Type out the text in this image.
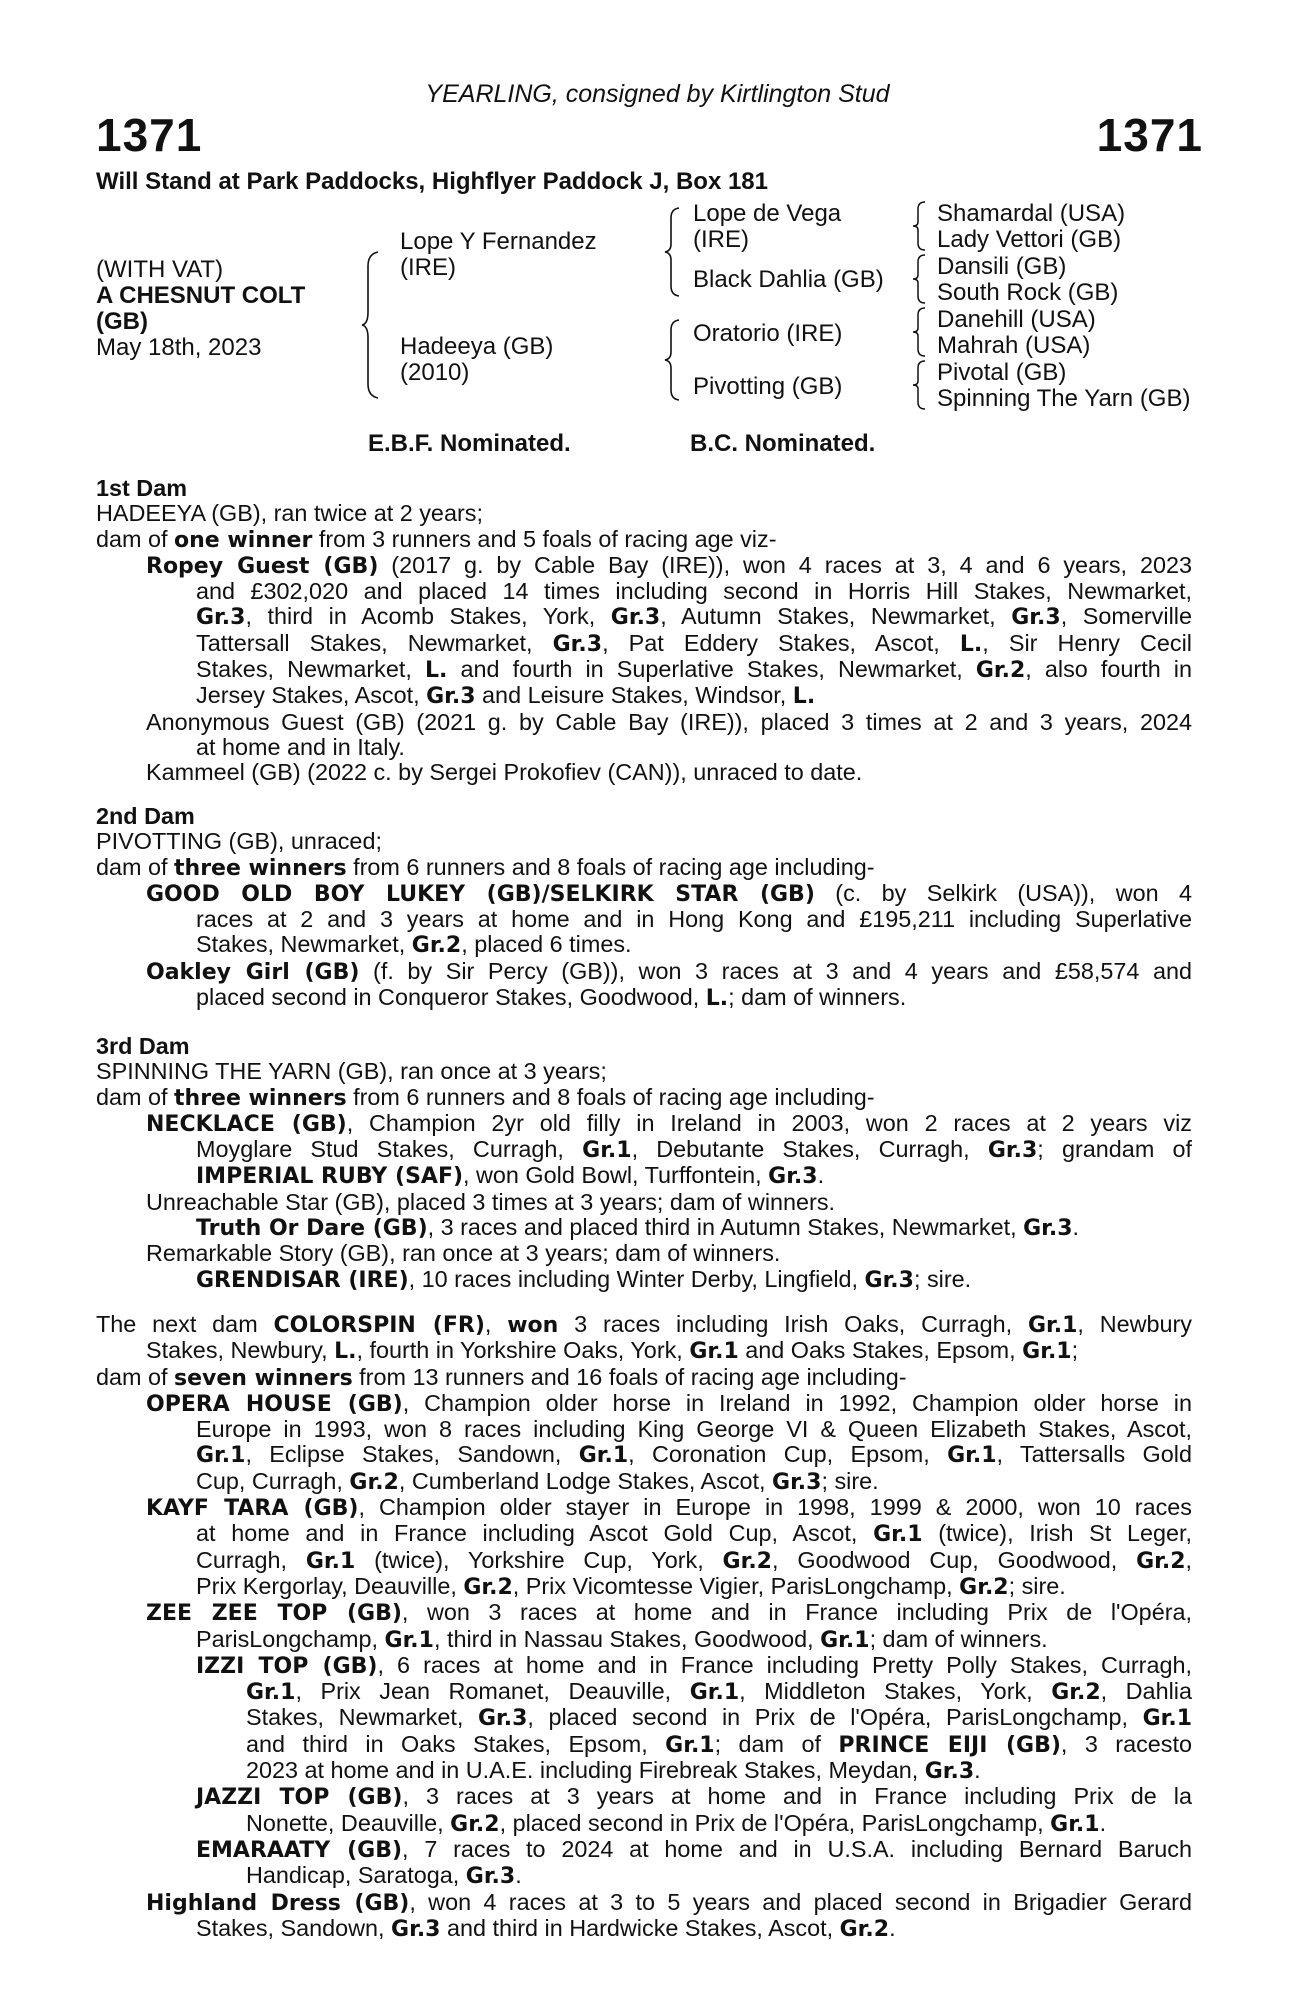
YEARLING, consigned by Kirtlington Stud
1371	1371
Will Stand at Park Paddocks, Highflyer Paddock J, Box 181
(WITH VAT)
A CHESNUT COLT
(GB)
May 18th, 2023
Lope Y Fernandez
(IRE)
Hadeeya (GB)
(2010)
Lope de Vega
(IRE)
Black Dahlia (GB)
Oratorio (IRE)
Pivotting (GB)
Shamardal (USA)
Lady Vettori (GB)
Dansili (GB)
South Rock (GB)
Danehill (USA)
Mahrah (USA)
Pivotal (GB)
Spinning The Yarn (GB)
E.B.F. Nominated.	B.C. Nominated.
1st Dam
HADEEYA (GB), ran twice at 2 years;
dam of one winner from 3 runners and 5 foals of racing age viz-
Ropey Guest (GB) (2017 g. by Cable Bay (IRE)), won 4 races at 3, 4 and 6 years, 2023
and £302,020 and placed 14 times including second in Horris Hill Stakes, Newmarket,
Gr.3, third in Acomb Stakes, York, Gr.3, Autumn Stakes, Newmarket, Gr.3, Somerville
Tattersall Stakes, Newmarket, Gr.3, Pat Eddery Stakes, Ascot, L., Sir Henry Cecil
Stakes, Newmarket, L. and fourth in Superlative Stakes, Newmarket, Gr.2, also fourth in
Jersey Stakes, Ascot, Gr.3 and Leisure Stakes, Windsor, L.
Anonymous Guest (GB) (2021 g. by Cable Bay (IRE)), placed 3 times at 2 and 3 years, 2024
at home and in Italy.
Kammeel (GB) (2022 c. by Sergei Prokofiev (CAN)), unraced to date.
2nd Dam
PIVOTTING (GB), unraced;
dam of three winners from 6 runners and 8 foals of racing age including-
GOOD OLD BOY LUKEY (GB)/SELKIRK STAR (GB) (c. by Selkirk (USA)), won 4
races at 2 and 3 years at home and in Hong Kong and £195,211 including Superlative
Stakes, Newmarket, Gr.2, placed 6 times.
Oakley Girl (GB) (f. by Sir Percy (GB)), won 3 races at 3 and 4 years and £58,574 and
placed second in Conqueror Stakes, Goodwood, L.; dam of winners.
3rd Dam
SPINNING THE YARN (GB), ran once at 3 years;
dam of three winners from 6 runners and 8 foals of racing age including-
NECKLACE (GB), Champion 2yr old filly in Ireland in 2003, won 2 races at 2 years viz
Moyglare Stud Stakes, Curragh, Gr.1, Debutante Stakes, Curragh, Gr.3; grandam of
IMPERIAL RUBY (SAF), won Gold Bowl, Turffontein, Gr.3.
Unreachable Star (GB), placed 3 times at 3 years; dam of winners.
Truth Or Dare (GB), 3 races and placed third in Autumn Stakes, Newmarket, Gr.3.
Remarkable Story (GB), ran once at 3 years; dam of winners.
GRENDISAR (IRE), 10 races including Winter Derby, Lingfield, Gr.3; sire.
The next dam COLORSPIN (FR), won 3 races including Irish Oaks, Curragh, Gr.1, Newbury
Stakes, Newbury, L., fourth in Yorkshire Oaks, York, Gr.1 and Oaks Stakes, Epsom, Gr.1;
dam of seven winners from 13 runners and 16 foals of racing age including-
OPERA HOUSE (GB), Champion older horse in Ireland in 1992, Champion older horse in
Europe in 1993, won 8 races including King George VI & Queen Elizabeth Stakes, Ascot,
Gr.1, Eclipse Stakes, Sandown, Gr.1, Coronation Cup, Epsom, Gr.1, Tattersalls Gold
Cup, Curragh, Gr.2, Cumberland Lodge Stakes, Ascot, Gr.3; sire.
KAYF TARA (GB), Champion older stayer in Europe in 1998, 1999 & 2000, won 10 races
at home and in France including Ascot Gold Cup, Ascot, Gr.1 (twice), Irish St Leger,
Curragh, Gr.1 (twice), Yorkshire Cup, York, Gr.2, Goodwood Cup, Goodwood, Gr.2,
Prix Kergorlay, Deauville, Gr.2, Prix Vicomtesse Vigier, ParisLongchamp, Gr.2; sire.
ZEE ZEE TOP (GB), won 3 races at home and in France including Prix de l'Opéra,
ParisLongchamp, Gr.1, third in Nassau Stakes, Goodwood, Gr.1; dam of winners.
IZZI TOP (GB), 6 races at home and in France including Pretty Polly Stakes, Curragh,
Gr.1, Prix Jean Romanet, Deauville, Gr.1, Middleton Stakes, York, Gr.2, Dahlia
Stakes, Newmarket, Gr.3, placed second in Prix de l'Opéra, ParisLongchamp, Gr.1
and third in Oaks Stakes, Epsom, Gr.1; dam of PRINCE EIJI (GB), 3 racesto
2023 at home and in U.A.E. including Firebreak Stakes, Meydan, Gr.3.
JAZZI TOP (GB), 3 races at 3 years at home and in France including Prix de la
Nonette, Deauville, Gr.2, placed second in Prix de l'Opéra, ParisLongchamp, Gr.1.
EMARAATY (GB), 7 races to 2024 at home and in U.S.A. including Bernard Baruch
Handicap, Saratoga, Gr.3.
Highland Dress (GB), won 4 races at 3 to 5 years and placed second in Brigadier Gerard
Stakes, Sandown, Gr.3 and third in Hardwicke Stakes, Ascot, Gr.2.
